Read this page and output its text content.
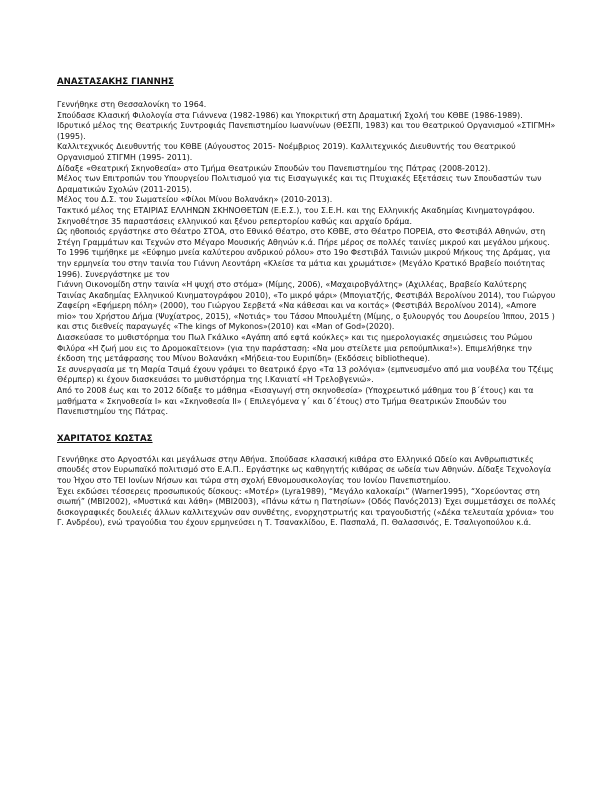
ΑΝΑΣΤΑΣΑΚΗΣ ΓΙΑΝΝΗΣ

Γεννήθηκε στη Θεσσαλονίκη το 1964.

Σπούδασε Κλασική Φιλολογία στα Γιάννενα (1982-1986) και Υποκριτική στη Δραματική Σχολή του ΚΘΒΕ (1986-1989).

Ιδρυτικό μέλος της Θεατρικής Συντροφιάς Πανεπιστημίου Ιωαννίνων (ΘΕΣΠΙ, 1983) και του Θεατρικού Οργανισμού «ΣΤΙΓΜΗ» (1995).

Καλλιτεχνικός Διευθυντής του ΚΘΒΕ (Αύγουστος 2015- Νοέμβριος 2019). Καλλιτεχνικός Διευθυντής του Θεατρικού Οργανισμού ΣΤΙΓΜΗ (1995- 2011).

Δίδαξε «Θεατρική Σκηνοθεσία» στο Τμήμα Θεατρικών Σπουδών του Πανεπιστημίου της Πάτρας (2008-2012).

Μέλος των Επιτροπών του Υπουργείου Πολιτισμού για τις Εισαγωγικές και τις Πτυχιακές Εξετάσεις των Σπουδαστών των Δραματικών Σχολών (2011-2015).

Μέλος του Δ.Σ. του Σωματείου «Φίλοι Μίνου Βολανάκη» (2010-2013).

Τακτικό μέλος της ΕΤΑΙΡΙΑΣ ΕΛΛΗΝΩΝ ΣΚΗΝΟΘΕΤΩΝ (Ε.Ε.Σ.), του Σ.Ε.Η. και της Ελληνικής Ακαδημίας Κινηματογράφου.

Σκηνοθέτησε 35 παραστάσεις ελληνικού και ξένου ρεπερτορίου καθώς και αρχαίο δράμα.

Ως ηθοποιός εργάστηκε στο Θέατρο ΣΤΟΑ, στο Εθνικό Θέατρο, στο ΚΘΒΕ, στο Θέατρο ΠΟΡΕΙΑ, στο Φεστιβάλ Αθηνών, στη Στέγη Γραμμάτων και Τεχνών στο Μέγαρο Μουσικής Αθηνών κ.ά. Πήρε μέρος σε πολλές ταινίες μικρού και μεγάλου μήκους.

Το 1996 τιμήθηκε με «Εύφημο μνεία καλύτερου ανδρικού ρόλου» στο 19ο Φεστιβάλ Ταινιών μικρού Μήκους της Δράμας, για την ερμηνεία του στην ταινία του Γιάννη Λεοντάρη «Κλείσε τα μάτια και χρωμάτισε» (Μεγάλο Κρατικό Βραβείο ποιότητας 1996). Συνεργάστηκε με τον

Γιάννη Οικονομίδη στην ταινία «Η ψυχή στο στόμα» (Μίμης, 2006), «Μαχαιροβγάλτης» (Αχιλλέας, Βραβείο Καλύτερης Ταινίας Ακαδημίας Ελληνικού Κινηματογράφου 2010), «Το μικρό ψάρι» (Μπογιατζής, Φεστιβάλ Βερολίνου 2014), του Γιώργου Ζαφείρη «Εφήμερη πόλη» (2000), του Γιώργου Σερβετά «Να κάθεσαι και να κοιτάς» (Φεστιβάλ Βερολίνου 2014), «Amore mio» του Χρήστου Δήμα (Ψυχίατρος, 2015), «Νοτιάς» του Τάσου Μπουλμέτη (Μίμης, ο ξυλουργός του Δουρείου Ίππου, 2015 ) και στις διεθνείς παραγωγές «The kings of Mykonos»(2010) και «Man of God»(2020).

Διασκεύασε το μυθιστόρημα του Πωλ Γκάλικο «Αγάπη από εφτά κούκλες» και τις ημερολογιακές σημειώσεις του Ρώμου Φιλύρα «Η ζωή μου εις το Δρομοκαϊτειον» (για την παράσταση: «Να μου στείλετε μια ρεπούμπλικα!»). Επιμελήθηκε την έκδοση της μετάφρασης του Μίνου Βολανάκη «Μήδεια-του Ευριπίδη» (Εκδόσεις bibliotheque).

Σε συνεργασία με τη Μαρία Τσιμά έχουν γράψει το θεατρικό έργο «Τα 13 ρολόγια» (εμπνευσμένο από μια νουβέλα του Τζέιμς Θέρμπερ) κι έχουν διασκευάσει το μυθιστόρημα της Ι.Κανιατί «Η Τρελοβγενιώ».

Από το 2008 έως και το 2012 δίδαξε το μάθημα «Εισαγωγή στη σκηνοθεσία» (Υποχρεωτικό μάθημα του β΄έτους) και τα μαθήματα « Σκηνοθεσία Ι» και «Σκηνοθεσία ΙΙ» ( Επιλεγόμενα γ΄ και δ΄έτους) στο Τμήμα Θεατρικών Σπουδών του Πανεπιστημίου της Πάτρας.

ΧΑΡΙΤΑΤΟΣ ΚΩΣΤΑΣ

Γεννήθηκε στο Αργοστόλι και μεγάλωσε στην Αθήνα. Σπούδασε κλασσική κιθάρα στο Ελληνικό Ωδείο και Ανθρωπιστικές σπουδές στον Ευρωπαϊκό πολιτισμό στο Ε.Α.Π.. Εργάστηκε ως καθηγητής κιθάρας σε ωδεία των Αθηνών. Δίδαξε Τεχνολογία του Ήχου στο ΤΕΙ Ιονίων Νήσων και τώρα στη σχολή Εθνομουσικολογίας του Ιονίου Πανεπιστημίου.

Έχει εκδώσει τέσσερεις προσωπικούς δίσκους: «Μοτέρ» (Lyra1989), “Μεγάλο καλοκαίρι” (Warner1995), “Χορεύοντας στη σιωπή” (MBI2002), «Μυστικά και λάθη» (MBI2003), «Πάνω κάτω η Πατησίων» (Οδός Πανός2013) Έχει συμμετάσχει σε πολλές δισκογραφικές δουλειές άλλων καλλιτεχνών σαν συνθέτης, ενορχηστρωτής και τραγουδιστής («Δέκα τελευταία χρόνια» του Γ. Ανδρέου), ενώ τραγούδια του έχουν ερμηνεύσει η Τ. Τσανακλίδου, Ε. Πασπαλά, Π. Θαλασσινός, Ε. Τσαλιγοπούλου κ.ά.
